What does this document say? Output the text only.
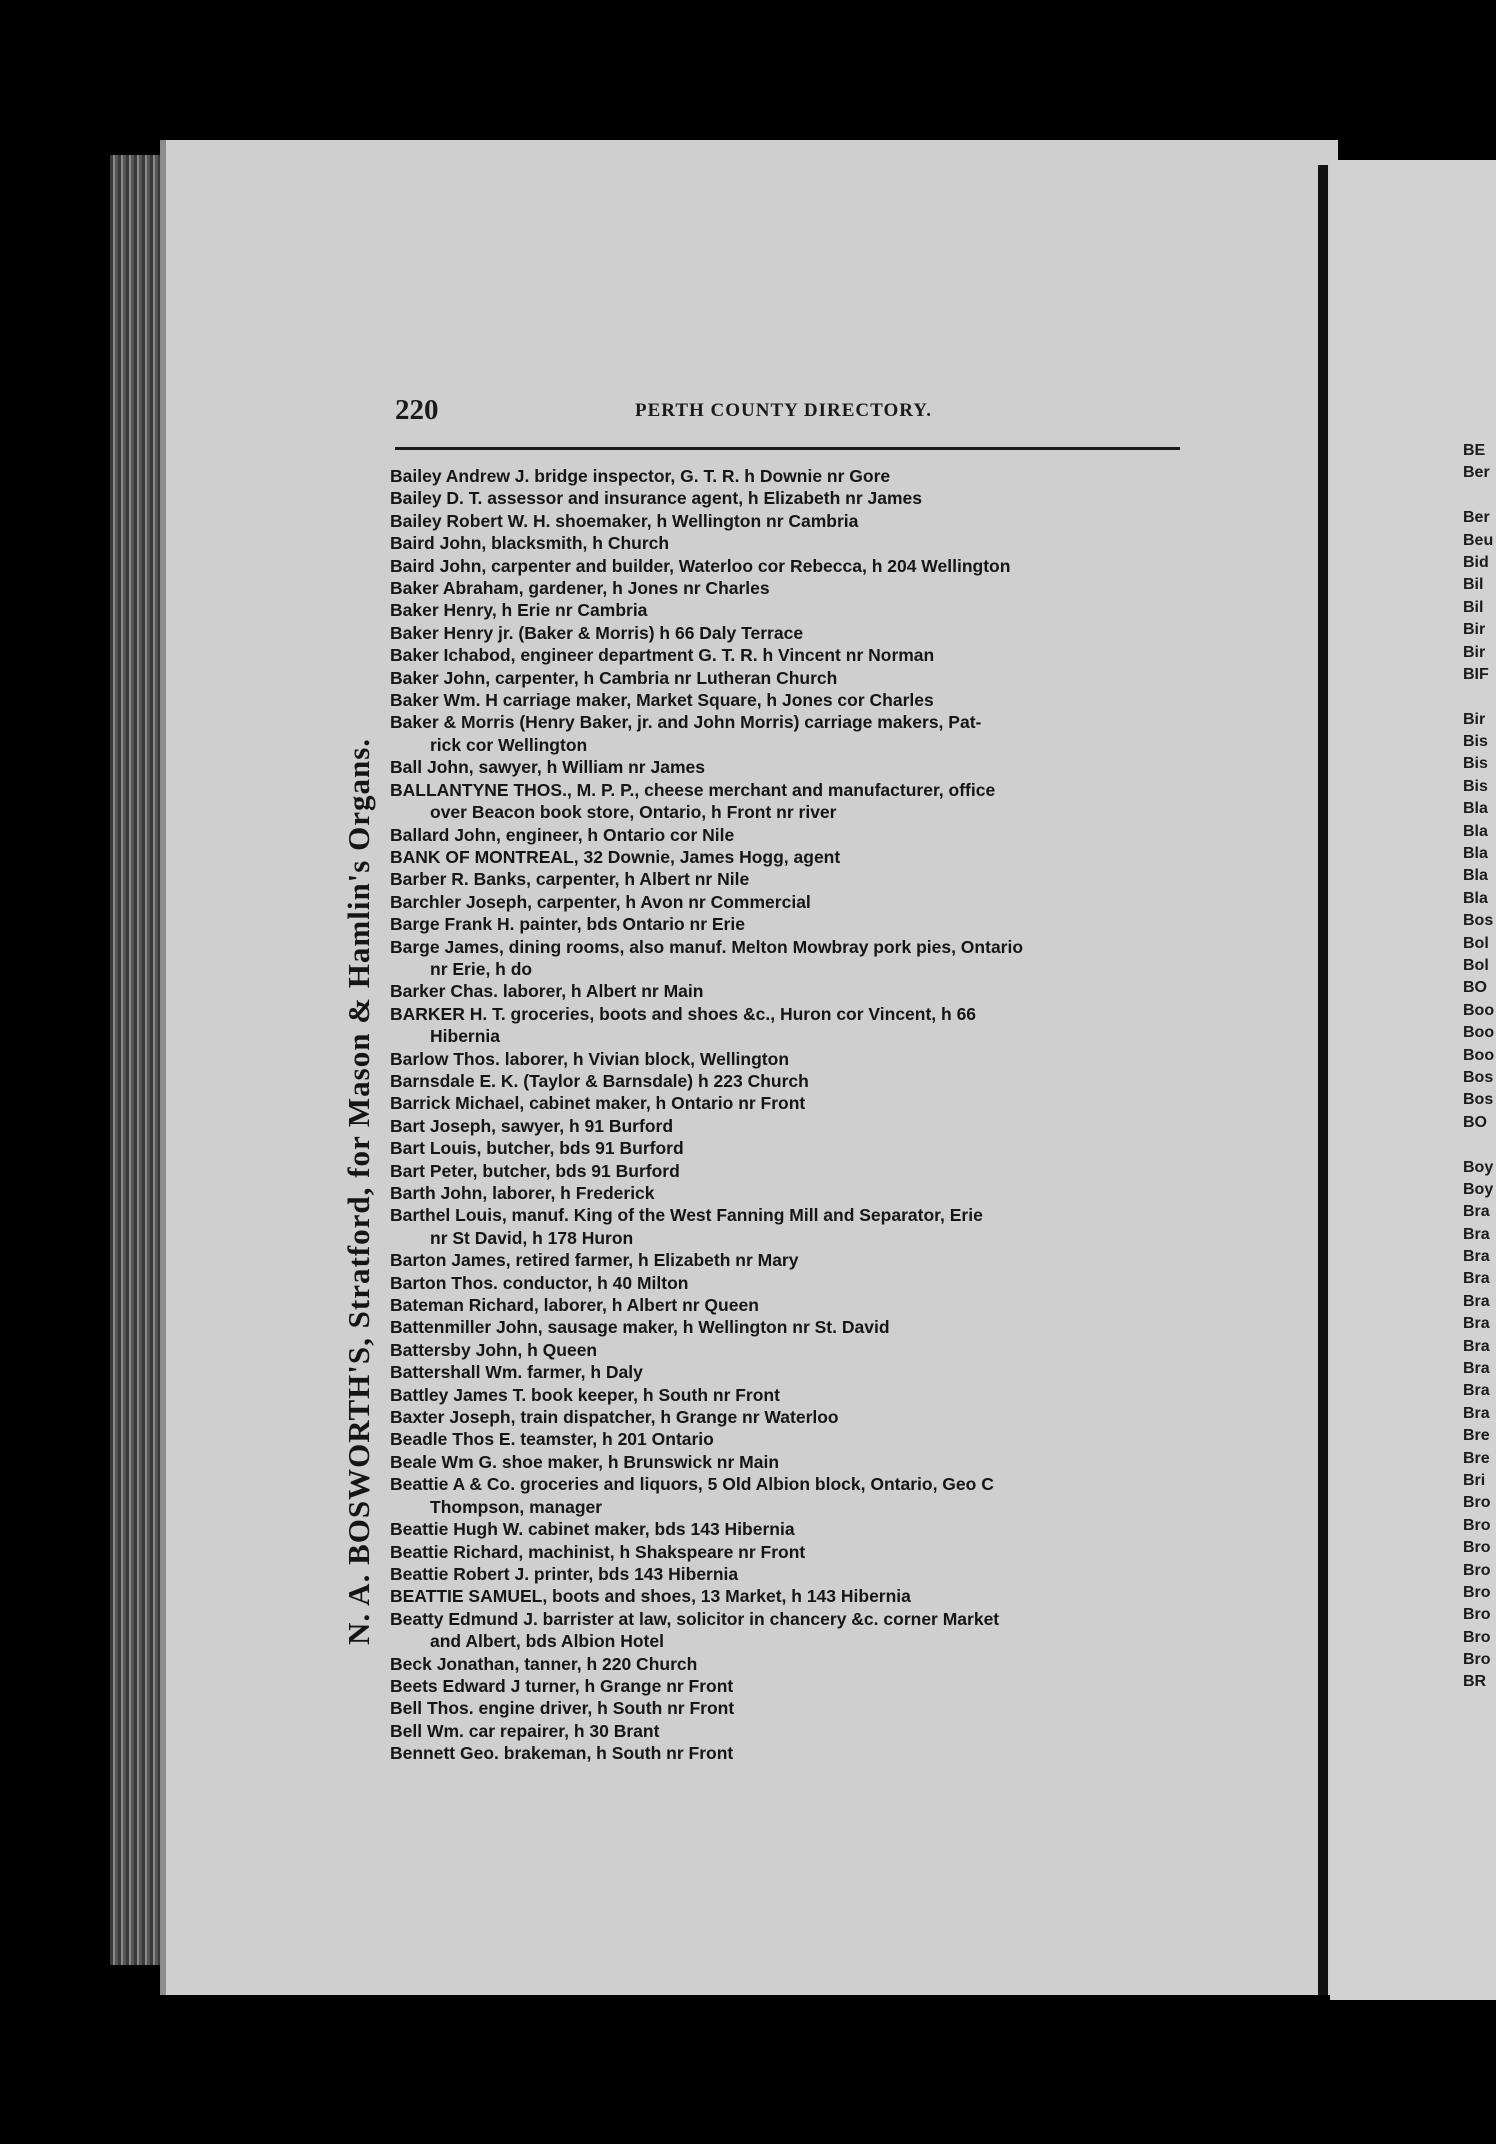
220	PERTH COUNTY DIRECTORY.
N. A. BOSWORTH'S, Stratford, for Mason & Hamlin's Organs.
Bailey Andrew J. bridge inspector, G. T. R. h Downie nr Gore
Bailey D. T. assessor and insurance agent, h Elizabeth nr James
Bailey Robert W. H. shoemaker, h Wellington nr Cambria
Baird John, blacksmith, h Church
Baird John, carpenter and builder, Waterloo cor Rebecca, h 204 Wellington
Baker Abraham, gardener, h Jones nr Charles
Baker Henry, h Erie nr Cambria
Baker Henry jr. (Baker & Morris) h 66 Daly Terrace
Baker Ichabod, engineer department G. T. R. h Vincent nr Norman
Baker John, carpenter, h Cambria nr Lutheran Church
Baker Wm. H carriage maker, Market Square, h Jones cor Charles
Baker & Morris (Henry Baker, jr. and John Morris) carriage makers, Pat-
rick cor Wellington
Ball John, sawyer, h William nr James
BALLANTYNE THOS., M. P. P., cheese merchant and manufacturer, office
over Beacon book store, Ontario, h Front nr river
Ballard John, engineer, h Ontario cor Nile
BANK OF MONTREAL, 32 Downie, James Hogg, agent
Barber R. Banks, carpenter, h Albert nr Nile
Barchler Joseph, carpenter, h Avon nr Commercial
Barge Frank H. painter, bds Ontario nr Erie
Barge James, dining rooms, also manuf. Melton Mowbray pork pies, Ontario
nr Erie, h do
Barker Chas. laborer, h Albert nr Main
BARKER H. T. groceries, boots and shoes &c., Huron cor Vincent, h 66
Hibernia
Barlow Thos. laborer, h Vivian block, Wellington
Barnsdale E. K. (Taylor & Barnsdale) h 223 Church
Barrick Michael, cabinet maker, h Ontario nr Front
Bart Joseph, sawyer, h 91 Burford
Bart Louis, butcher, bds 91 Burford
Bart Peter, butcher, bds 91 Burford
Barth John, laborer, h Frederick
Barthel Louis, manuf. King of the West Fanning Mill and Separator, Erie
nr St David, h 178 Huron
Barton James, retired farmer, h Elizabeth nr Mary
Barton Thos. conductor, h 40 Milton
Bateman Richard, laborer, h Albert nr Queen
Battenmiller John, sausage maker, h Wellington nr St. David
Battersby John, h Queen
Battershall Wm. farmer, h Daly
Battley James T. book keeper, h South nr Front
Baxter Joseph, train dispatcher, h Grange nr Waterloo
Beadle Thos E. teamster, h 201 Ontario
Beale Wm G. shoe maker, h Brunswick nr Main
Beattie A & Co. groceries and liquors, 5 Old Albion block, Ontario, Geo C
Thompson, manager
Beattie Hugh W. cabinet maker, bds 143 Hibernia
Beattie Richard, machinist, h Shakspeare nr Front
Beattie Robert J. printer, bds 143 Hibernia
BEATTIE SAMUEL, boots and shoes, 13 Market, h 143 Hibernia
Beatty Edmund J. barrister at law, solicitor in chancery &c. corner Market
and Albert, bds Albion Hotel
Beck Jonathan, tanner, h 220 Church
Beets Edward J turner, h Grange nr Front
Bell Thos. engine driver, h South nr Front
Bell Wm. car repairer, h 30 Brant
Bennett Geo. brakeman, h South nr Front
BE
Ber
Ber
Beu
Bid
Bil
Bil
Bir
Bir
BIF
Bir
Bis
Bis
Bis
Bla
Bla
Bla
Bla
Bla
Bos
Bol
Bol
BO
Boo
Boo
Boo
Bos
Bos
BO
Boy
Boy
Bra
Bra
Bra
Bra
Bra
Bra
Bra
Bra
Bra
Bra
Bre
Bre
Bri
Bro
Bro
Bro
Bro
Bro
Bro
Bro
Bro
BR
